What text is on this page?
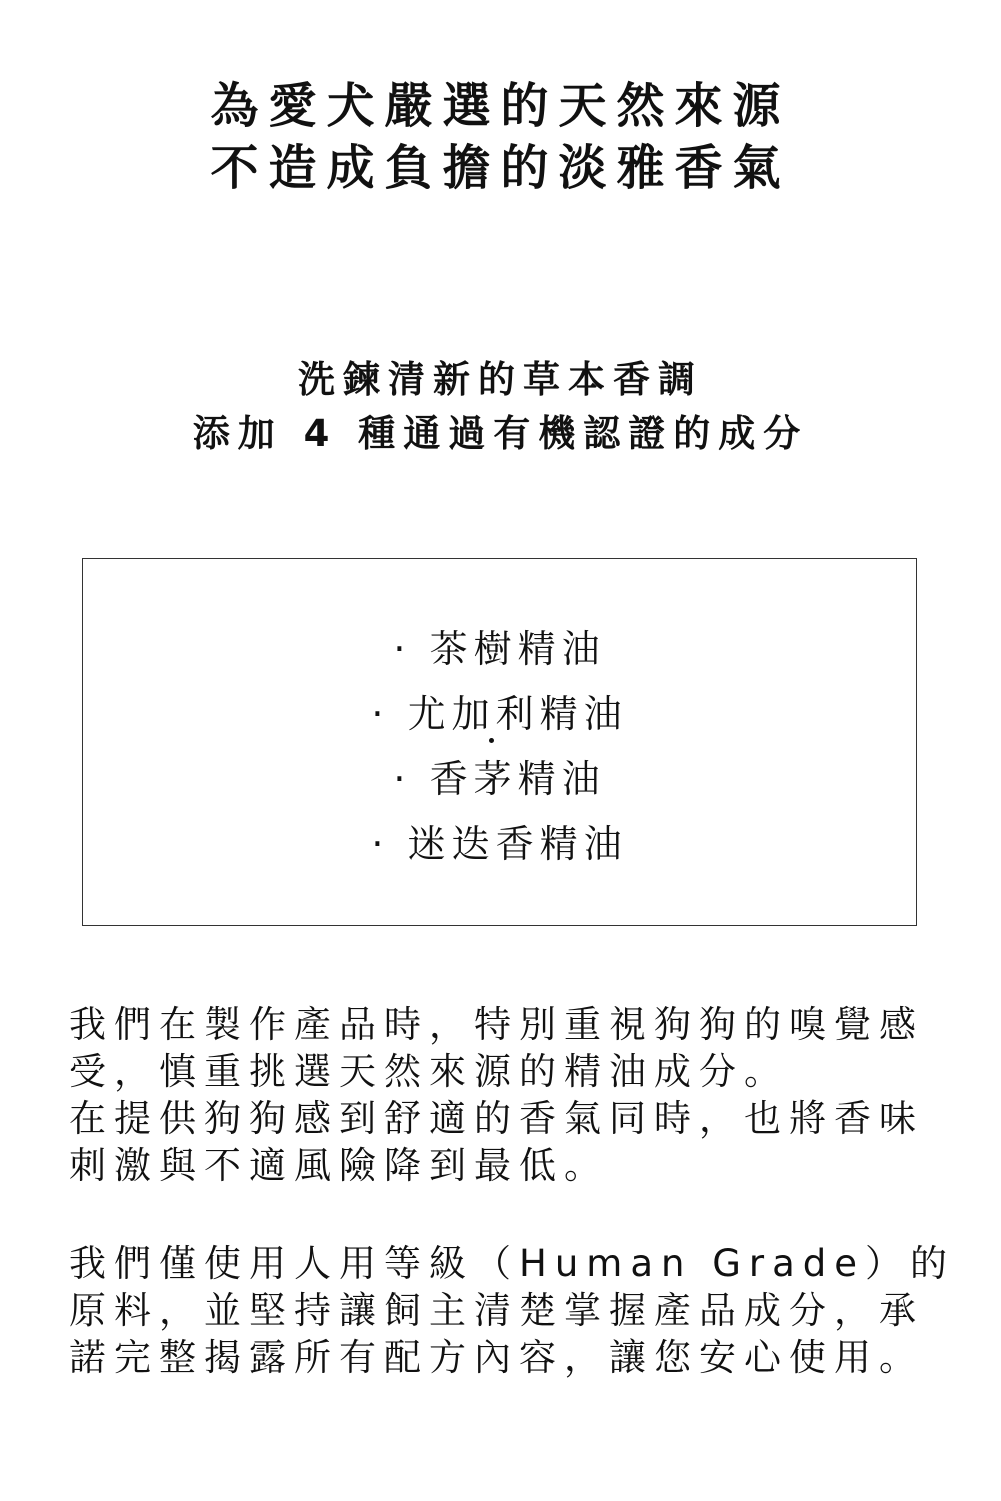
為愛犬嚴選的天然來源
不造成負擔的淡雅香氣
洗鍊清新的草本香調
添加 4 種通過有機認證的成分
· 茶樹精油
· 尤加利精油
· 香茅精油
· 迷迭香精油
我們在製作產品時，特別重視狗狗的嗅覺感
受，慎重挑選天然來源的精油成分。
在提供狗狗感到舒適的香氣同時，也將香味
刺激與不適風險降到最低。
我們僅使用人用等級（Human Grade）的
原料，並堅持讓飼主清楚掌握產品成分，承
諾完整揭露所有配方內容，讓您安心使用。
